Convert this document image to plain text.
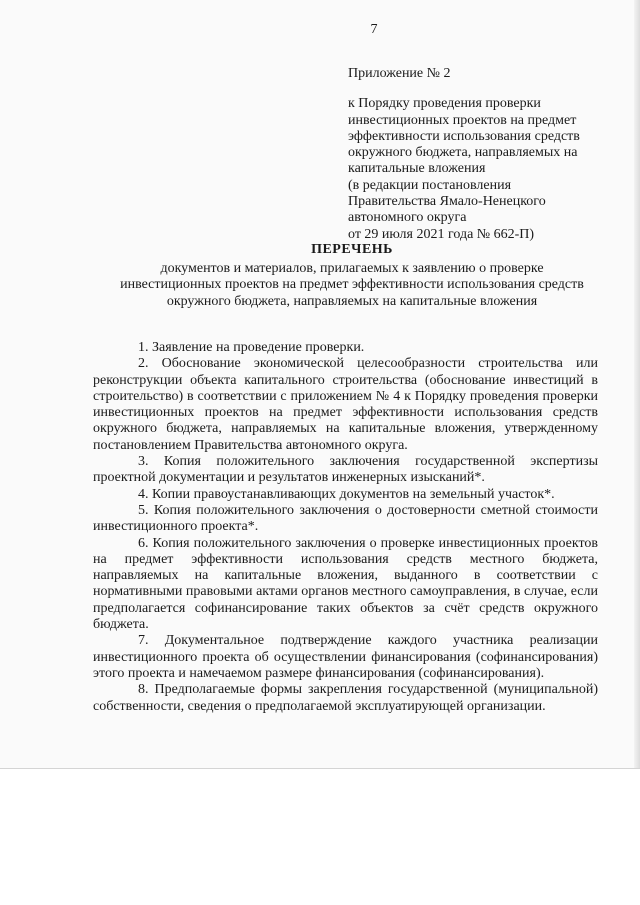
7
Приложение № 2
к Порядку проведения проверки
инвестиционных проектов на предмет
эффективности использования средств
окружного бюджета, направляемых на
капитальные вложения
(в редакции постановления
Правительства Ямало-Ненецкого
автономного округа
от 29 июля 2021 года № 662-П)
ПЕРЕЧЕНЬ
документов и материалов, прилагаемых к заявлению о проверке
инвестиционных проектов на предмет эффективности использования средств
окружного бюджета, направляемых на капитальные вложения

1. Заявление на проведение проверки.

2. Обоснование экономической целесообразности строительства или реконструкции объекта капитального строительства (обоснование инвестиций в строительство) в соответствии с приложением № 4 к Порядку проведения проверки инвестиционных проектов на предмет эффективности использования средств окружного бюджета, направляемых на капитальные вложения, утвержденному постановлением Правительства автономного округа.

3. Копия положительного заключения государственной экспертизы проектной документации и результатов инженерных изысканий*.

4. Копии правоустанавливающих документов на земельный участок*.

5. Копия положительного заключения о достоверности сметной стоимости инвестиционного проекта*.

6. Копия положительного заключения о проверке инвестиционных проектов на предмет эффективности использования средств местного бюджета, направляемых на капитальные вложения, выданного в соответствии с нормативными правовыми актами органов местного самоуправления, в случае, если предполагается софинансирование таких объектов за счёт средств окружного бюджета.

7. Документальное подтверждение каждого участника реализации инвестиционного проекта об осуществлении финансирования (софинансирования) этого проекта и намечаемом размере финансирования (софинансирования).

8. Предполагаемые формы закрепления государственной (муниципальной) собственности, сведения о предполагаемой эксплуатирующей организации.
